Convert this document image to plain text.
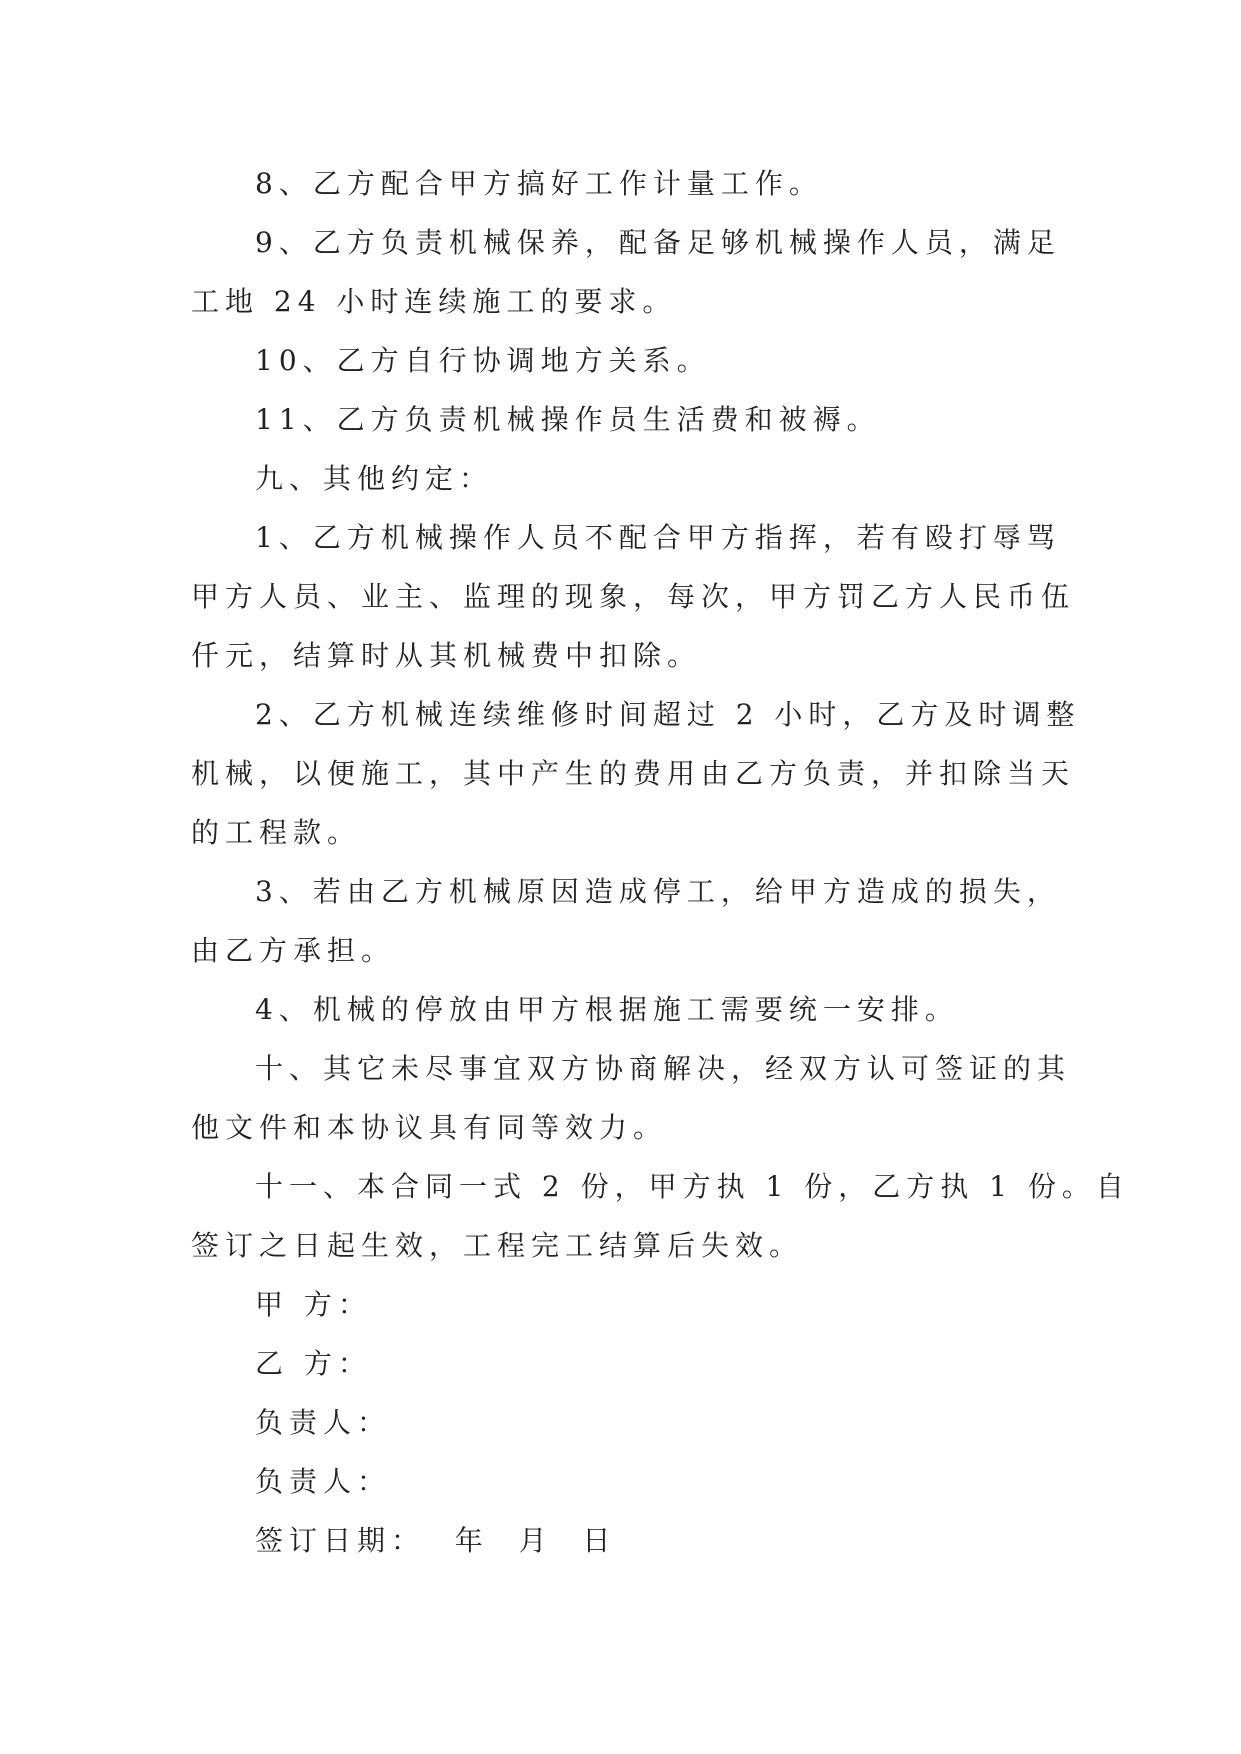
8、乙方配合甲方搞好工作计量工作。

9、乙方负责机械保养，配备足够机械操作人员，满足
工地 24 小时连续施工的要求。

10、乙方自行协调地方关系。

11、乙方负责机械操作员生活费和被褥。

九、其他约定：

1、乙方机械操作人员不配合甲方指挥，若有殴打辱骂
甲方人员、业主、监理的现象，每次，甲方罚乙方人民币伍
仟元，结算时从其机械费中扣除。

2、乙方机械连续维修时间超过 2 小时，乙方及时调整
机械，以便施工，其中产生的费用由乙方负责，并扣除当天
的工程款。

3、若由乙方机械原因造成停工，给甲方造成的损失，
由乙方承担。

4、机械的停放由甲方根据施工需要统一安排。

十、其它未尽事宜双方协商解决，经双方认可签证的其
他文件和本协议具有同等效力。

十一、本合同一式 2 份，甲方执 1 份，乙方执 1 份。自
签订之日起生效，工程完工结算后失效。

甲 方：

乙 方：

负责人：

负责人：

签订日期：  年  月  日
